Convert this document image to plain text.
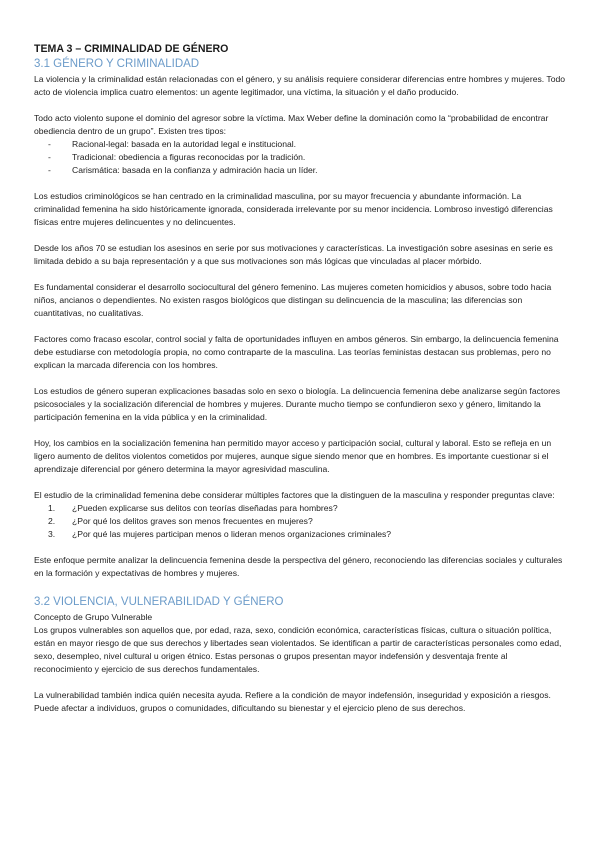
TEMA 3 – CRIMINALIDAD DE GÉNERO
3.1 GÉNERO Y CRIMINALIDAD

La violencia y la criminalidad están relacionadas con el género, y su análisis requiere considerar diferencias entre hombres y mujeres. Todo acto de violencia implica cuatro elementos: un agente legitimador, una víctima, la situación y el daño producido.

Todo acto violento supone el dominio del agresor sobre la víctima. Max Weber define la dominación como la “probabilidad de encontrar obediencia dentro de un grupo”. Existen tres tipos:

- Racional-legal: basada en la autoridad legal e institucional.
- Tradicional: obediencia a figuras reconocidas por la tradición.
- Carismática: basada en la confianza y admiración hacia un líder.

Los estudios criminológicos se han centrado en la criminalidad masculina, por su mayor frecuencia y abundante información. La criminalidad femenina ha sido históricamente ignorada, considerada irrelevante por su menor incidencia. Lombroso investigó diferencias físicas entre mujeres delincuentes y no delincuentes.

Desde los años 70 se estudian los asesinos en serie por sus motivaciones y características. La investigación sobre asesinas en serie es limitada debido a su baja representación y a que sus motivaciones son más lógicas que vinculadas al placer mórbido.

Es fundamental considerar el desarrollo sociocultural del género femenino. Las mujeres cometen homicidios y abusos, sobre todo hacia niños, ancianos o dependientes. No existen rasgos biológicos que distingan su delincuencia de la masculina; las diferencias son cuantitativas, no cualitativas.

Factores como fracaso escolar, control social y falta de oportunidades influyen en ambos géneros. Sin embargo, la delincuencia femenina debe estudiarse con metodología propia, no como contraparte de la masculina. Las teorías feministas destacan sus problemas, pero no explican la marcada diferencia con los hombres.

Los estudios de género superan explicaciones basadas solo en sexo o biología. La delincuencia femenina debe analizarse según factores psicosociales y la socialización diferencial de hombres y mujeres. Durante mucho tiempo se confundieron sexo y género, limitando la participación femenina en la vida pública y en la criminalidad.

Hoy, los cambios en la socialización femenina han permitido mayor acceso y participación social, cultural y laboral. Esto se refleja en un ligero aumento de delitos violentos cometidos por mujeres, aunque sigue siendo menor que en hombres. Es importante cuestionar si el aprendizaje diferencial por género determina la mayor agresividad masculina.

El estudio de la criminalidad femenina debe considerar múltiples factores que la distinguen de la masculina y responder preguntas clave:

1. ¿Pueden explicarse sus delitos con teorías diseñadas para hombres?
2. ¿Por qué los delitos graves son menos frecuentes en mujeres?
3. ¿Por qué las mujeres participan menos o lideran menos organizaciones criminales?

Este enfoque permite analizar la delincuencia femenina desde la perspectiva del género, reconociendo las diferencias sociales y culturales en la formación y expectativas de hombres y mujeres.

3.2 VIOLENCIA, VULNERABILIDAD Y GÉNERO
Concepto de Grupo Vulnerable

Los grupos vulnerables son aquellos que, por edad, raza, sexo, condición económica, características físicas, cultura o situación política, están en mayor riesgo de que sus derechos y libertades sean violentados. Se identifican a partir de características personales como edad, sexo, desempleo, nivel cultural u origen étnico. Estas personas o grupos presentan mayor indefensión y desventaja frente al reconocimiento y ejercicio de sus derechos fundamentales.

La vulnerabilidad también indica quién necesita ayuda. Refiere a la condición de mayor indefensión, inseguridad y exposición a riesgos. Puede afectar a individuos, grupos o comunidades, dificultando su bienestar y el ejercicio pleno de sus derechos.
